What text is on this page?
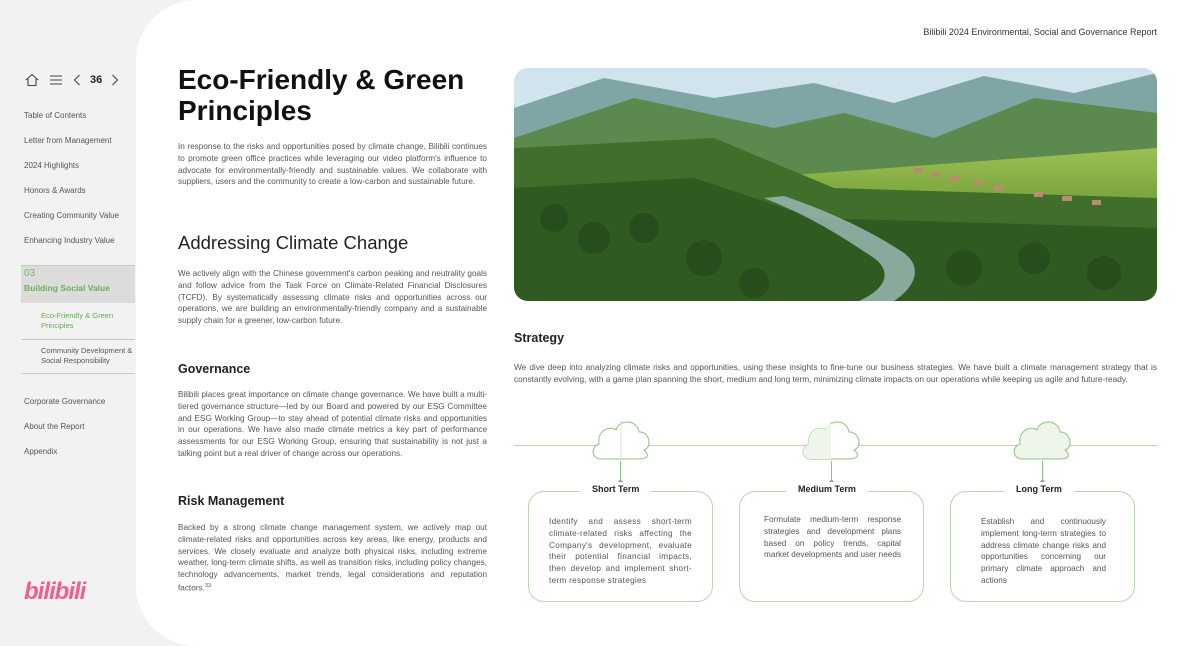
36
Table of Contents
Letter from Management
2024 Highlights
Honors & Awards
Creating Community Value
Enhancing Industry Value
03
Building Social Value
Eco-Friendly & Green Principles
Community Development & Social Responsibility
Corporate Governance
About the Report
Appendix
bilibili
Bilibili 2024 Environmental, Social and Governance Report
Eco-Friendly & Green Principles
In response to the risks and opportunities posed by climate change, Bilibili continues to promote green office practices while leveraging our video platform's influence to advocate for environmentally-friendly and sustainable values. We collaborate with suppliers, users and the community to create a low-carbon and sustainable future.
Addressing Climate Change
We actively align with the Chinese government's carbon peaking and neutrality goals and follow advice from the Task Force on Climate-Related Financial Disclosures (TCFD). By systematically assessing climate risks and opportunities across our operations, we are building an environmentally-friendly company and a sustainable supply chain for a greener, low-carbon future.
Governance
Bilibili places great importance on climate change governance. We have built a multi-tiered governance structure—led by our Board and powered by our ESG Committee and ESG Working Group—to stay ahead of potential climate risks and opportunities in our operations. We have also made climate metrics a key part of performance assessments for our ESG Working Group, ensuring that sustainability is not just a talking point but a real driver of change across our operations.
Risk Management
Backed by a strong climate change management system, we actively map out climate-related risks and opportunities across key areas, like energy, products and services. We closely evaluate and analyze both physical risks, including extreme weather, long-term climate shifts, as well as transition risks, including policy changes, technology advancements, market trends, legal considerations and reputation factors.$^{33}$
Strategy
We dive deep into analyzing climate risks and opportunities, using these insights to fine-tune our business strategies. We have built a climate management strategy that is constantly evolving, with a game plan spanning the short, medium and long term, minimizing climate impacts on our operations while keeping us agile and future-ready.
Short Term
Identify and assess short-term climate-related risks affecting the Company's development, evaluate their potential financial impacts, then develop and implement short-term response strategies
Medium Term
Formulate medium-term response strategies and development plans based on policy trends, capital market developments and user needs
Long Term
Establish and continuously implement long-term strategies to address climate change risks and opportunities concerning our primary climate approach and actions
